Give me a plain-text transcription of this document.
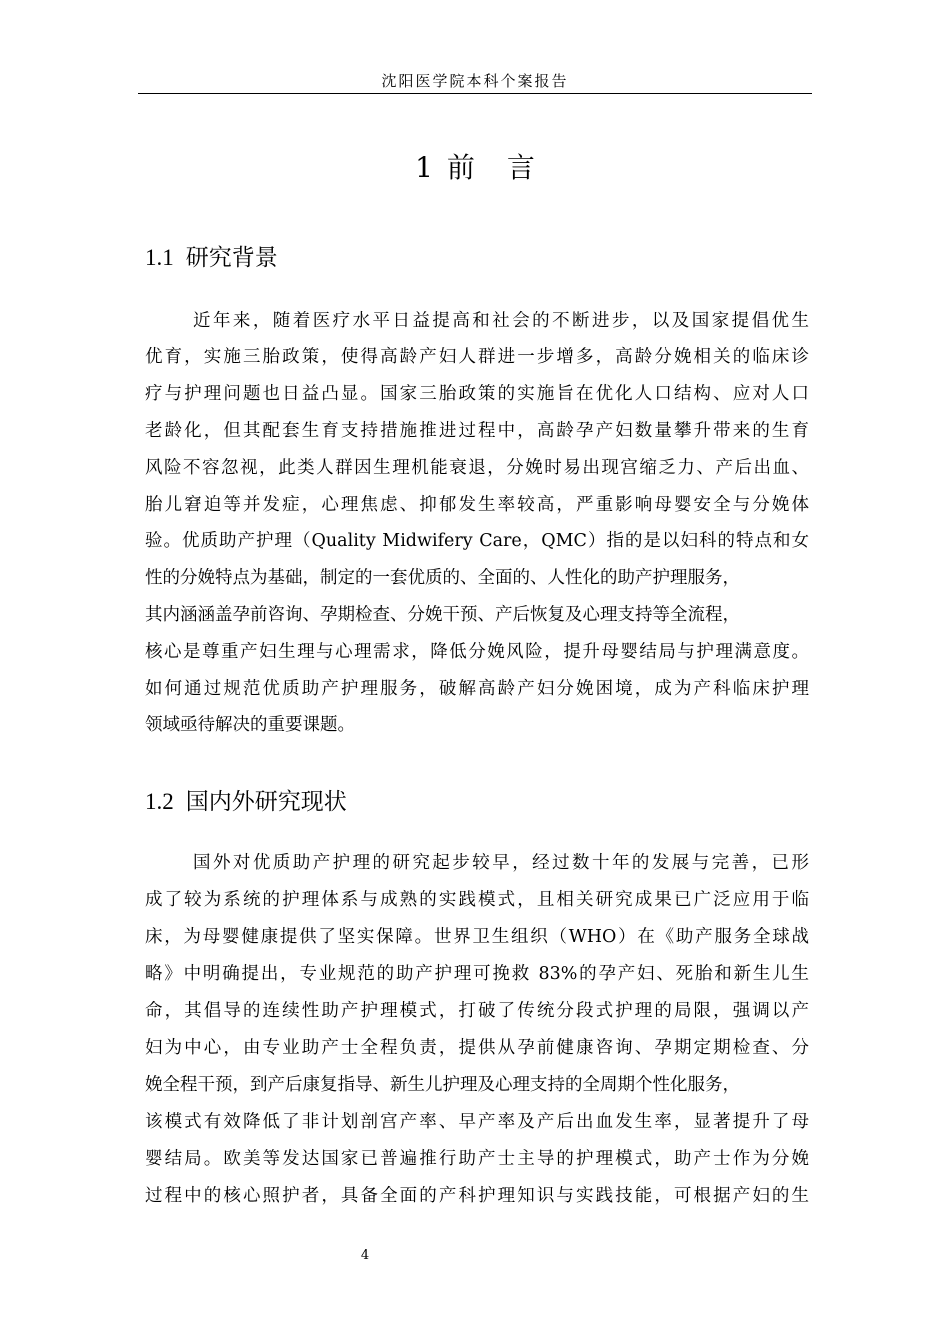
沈阳医学院本科个案报告
1 前 言
1.1 研究背景
近年来，随着医疗水平日益提高和社会的不断进步，以及国家提倡优生
优育，实施三胎政策，使得高龄产妇人群进一步增多，高龄分娩相关的临床诊
疗与护理问题也日益凸显。国家三胎政策的实施旨在优化人口结构、应对人口
老龄化，但其配套生育支持措施推进过程中，高龄孕产妇数量攀升带来的生育
风险不容忽视，此类人群因生理机能衰退，分娩时易出现宫缩乏力、产后出血、
胎儿窘迫等并发症，心理焦虑、抑郁发生率较高，严重影响母婴安全与分娩体
验。优质助产护理（Quality Midwifery Care，QMC）指的是以妇科的特点和女
性的分娩特点为基础，制定的一套优质的、全面的、人性化的助产护理服务，
其内涵涵盖孕前咨询、孕期检查、分娩干预、产后恢复及心理支持等全流程，
核心是尊重产妇生理与心理需求，降低分娩风险，提升母婴结局与护理满意度。
如何通过规范优质助产护理服务，破解高龄产妇分娩困境，成为产科临床护理
领域亟待解决的重要课题。
1.2 国内外研究现状
国外对优质助产护理的研究起步较早，经过数十年的发展与完善，已形
成了较为系统的护理体系与成熟的实践模式，且相关研究成果已广泛应用于临
床，为母婴健康提供了坚实保障。世界卫生组织（WHO）在《助产服务全球战
略》中明确提出，专业规范的助产护理可挽救 83%的孕产妇、死胎和新生儿生
命，其倡导的连续性助产护理模式，打破了传统分段式护理的局限，强调以产
妇为中心，由专业助产士全程负责，提供从孕前健康咨询、孕期定期检查、分
娩全程干预，到产后康复指导、新生儿护理及心理支持的全周期个性化服务，
该模式有效降低了非计划剖宫产率、早产率及产后出血发生率，显著提升了母
婴结局。欧美等发达国家已普遍推行助产士主导的护理模式，助产士作为分娩
过程中的核心照护者，具备全面的产科护理知识与实践技能，可根据产妇的生
4
